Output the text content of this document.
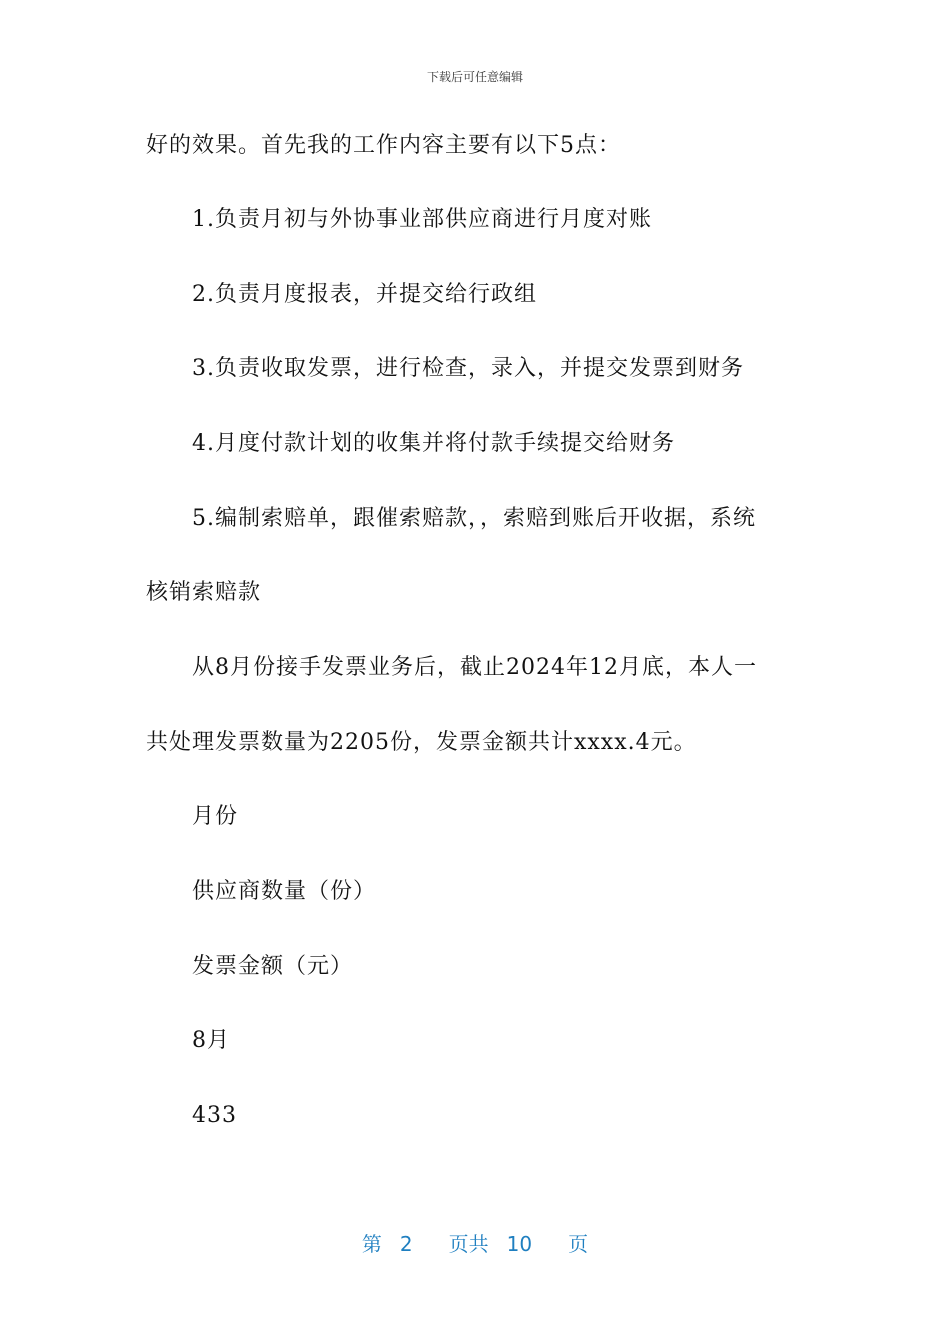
下载后可任意编辑
好的效果。首先我的工作内容主要有以下5点：
1.负责月初与外协事业部供应商进行月度对账
2.负责月度报表，并提交给行政组
3.负责收取发票，进行检查，录入，并提交发票到财务
4.月度付款计划的收集并将付款手续提交给财务
5.编制索赔单，跟催索赔款，，索赔到账后开收据，系统
核销索赔款
从8月份接手发票业务后，截止2024年12月底，本人一
共处理发票数量为2205份，发票金额共计xxxx.4元。
月份
供应商数量（份）
发票金额（元）
8月
433
第 2 页共 10 页
